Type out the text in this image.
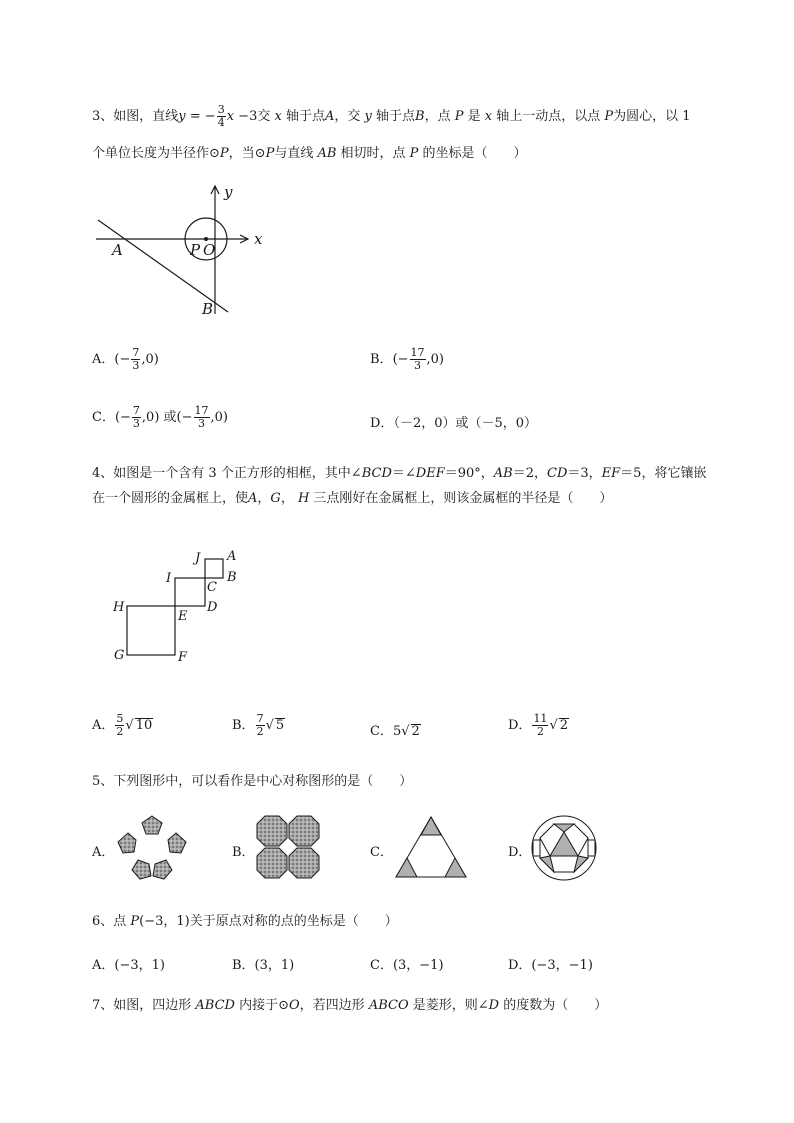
3、如图，直线y = − $\frac{3}{4}$ x −3交 x 轴于点A，交 y 轴于点B，点 P 是 x 轴上一动点，以点 P为圆心，以 1
个单位长度为半径作⊙P，当⊙P与直线 AB 相切时，点 P 的坐标是（　　）
y
x
A	P O
B
A．(− $\frac{7}{3} ,0$)	B．(− $\frac{17}{3} ,0$)
C．(− $\frac{7}{3} ,0$) 或(− $\frac{17}{3} ,0$)	D．（－2，0）或（－5，0）
4、如图是一个含有 3 个正方形的相框，其中∠BCD＝∠DEF＝90°，AB＝2，CD＝3，EF＝5，将它镶嵌
在一个圆形的金属框上，使A，G， H 三点刚好在金属框上，则该金属框的半径是（　　）
J A
C
B
I
D
H
E
G	F
A． $\frac{5}{2}$ √ 10	B． $\frac{7}{2}$ √ 5	C．5√ 2	D． $\frac{11}{2}$ √ 2
5、下列图形中，可以看作是中心对称图形的是（　　）
A．	B．	C．	D．
6、点 P(−3，1)关于原点对称的点的坐标是（　　）
A．(−3，1)	B．(3，1)	C．(3，−1)	D．(−3，−1)
7、如图，四边形 ABCD 内接于⊙O，若四边形 ABCO 是菱形，则∠D 的度数为（　　）
